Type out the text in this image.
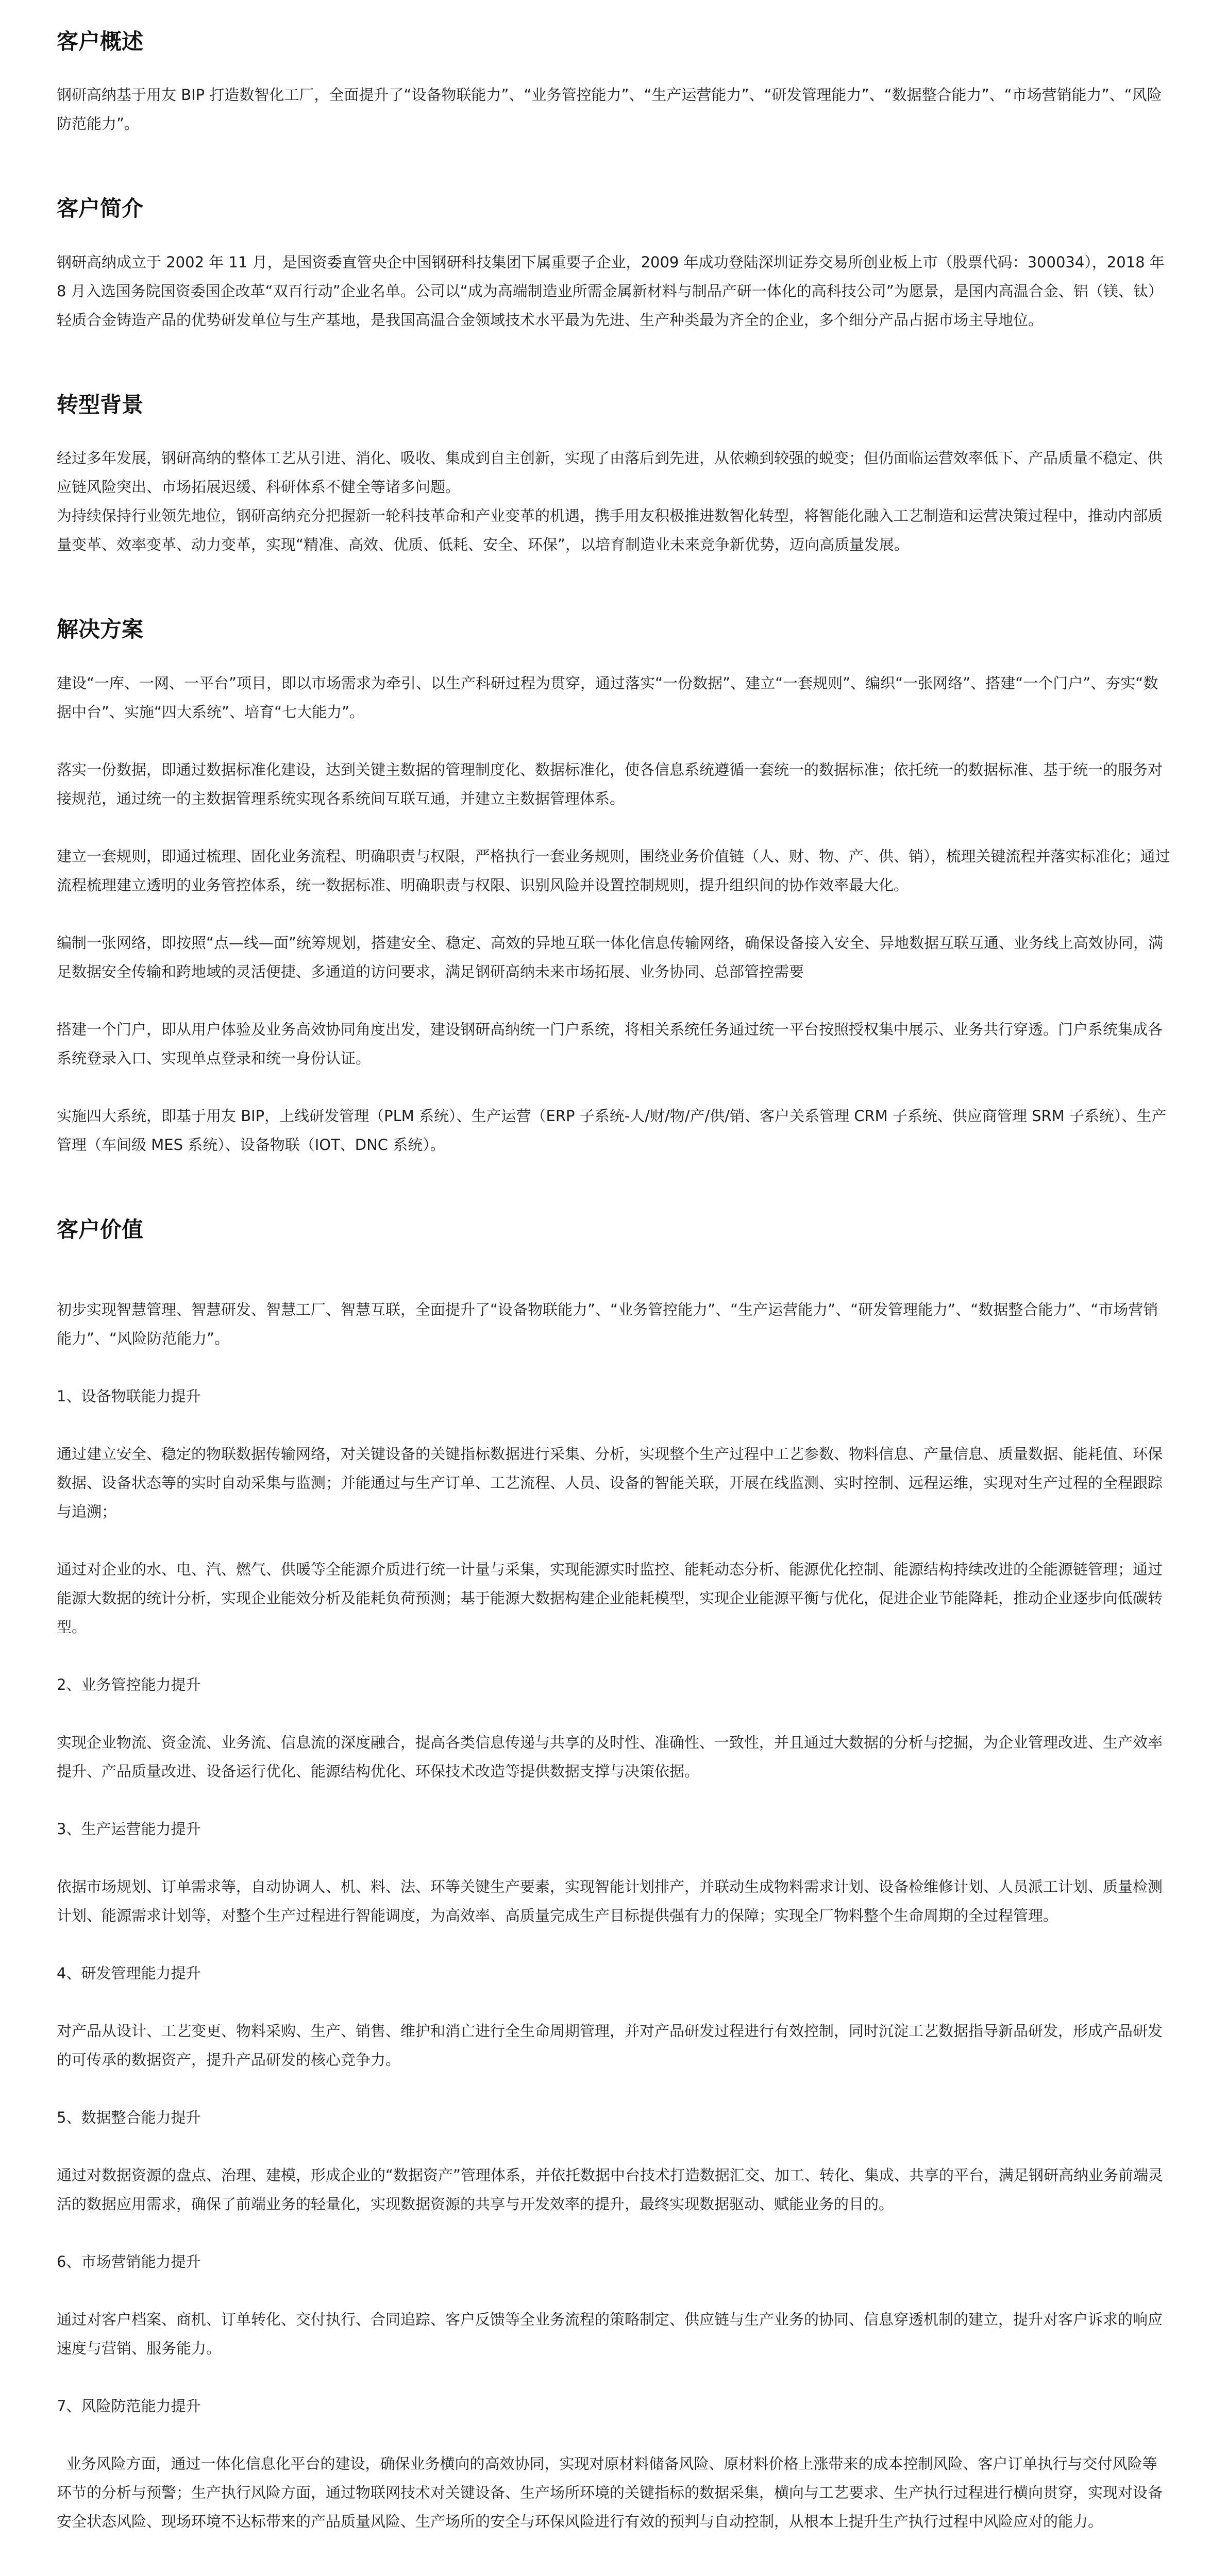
客户概述

钢研高纳基于用友 BIP 打造数智化工厂，全面提升了“设备物联能力”、“业务管控能力”、“生产运营能力”、“研发管理能力”、“数据整合能力”、“市场营销能力”、“风险防范能力”。

客户简介

钢研高纳成立于 2002 年 11 月，是国资委直管央企中国钢研科技集团下属重要子企业，2009 年成功登陆深圳证券交易所创业板上市（股票代码：300034），2018 年 8 月入选国务院国资委国企改革“双百行动”企业名单。公司以“成为高端制造业所需金属新材料与制品产研一体化的高科技公司”为愿景，是国内高温合金、铝（镁、钛）轻质合金铸造产品的优势研发单位与生产基地，是我国高温合金领域技术水平最为先进、生产种类最为齐全的企业，多个细分产品占据市场主导地位。

转型背景

经过多年发展，钢研高纳的整体工艺从引进、消化、吸收、集成到自主创新，实现了由落后到先进，从依赖到较强的蜕变；但仍面临运营效率低下、产品质量不稳定、供应链风险突出、市场拓展迟缓、科研体系不健全等诸多问题。

为持续保持行业领先地位，钢研高纳充分把握新一轮科技革命和产业变革的机遇，携手用友积极推进数智化转型，将智能化融入工艺制造和运营决策过程中，推动内部质量变革、效率变革、动力变革，实现“精准、高效、优质、低耗、安全、环保”，以培育制造业未来竞争新优势，迈向高质量发展。

解决方案

建设“一库、一网、一平台”项目，即以市场需求为牵引、以生产科研过程为贯穿，通过落实“一份数据”、建立“一套规则”、编织“一张网络”、搭建“一个门户”、夯实“数据中台”、实施“四大系统”、培育“七大能力”。

落实一份数据，即通过数据标准化建设，达到关键主数据的管理制度化、数据标准化，使各信息系统遵循一套统一的数据标准；依托统一的数据标准、基于统一的服务对接规范，通过统一的主数据管理系统实现各系统间互联互通，并建立主数据管理体系。

建立一套规则，即通过梳理、固化业务流程、明确职责与权限，严格执行一套业务规则，围绕业务价值链（人、财、物、产、供、销），梳理关键流程并落实标准化；通过流程梳理建立透明的业务管控体系，统一数据标准、明确职责与权限、识别风险并设置控制规则，提升组织间的协作效率最大化。

编制一张网络，即按照“点—线—面”统筹规划，搭建安全、稳定、高效的异地互联一体化信息传输网络，确保设备接入安全、异地数据互联互通、业务线上高效协同，满足数据安全传输和跨地域的灵活便捷、多通道的访问要求，满足钢研高纳未来市场拓展、业务协同、总部管控需要

搭建一个门户，即从用户体验及业务高效协同角度出发，建设钢研高纳统一门户系统，将相关系统任务通过统一平台按照授权集中展示、业务共行穿透。门户系统集成各系统登录入口、实现单点登录和统一身份认证。

实施四大系统，即基于用友 BIP，上线研发管理（PLM 系统）、生产运营（ERP 子系统-人/财/物/产/供/销、客户关系管理 CRM 子系统、供应商管理 SRM 子系统）、生产管理（车间级 MES 系统）、设备物联（IOT、DNC 系统）。

客户价值

初步实现智慧管理、智慧研发、智慧工厂、智慧互联，全面提升了“设备物联能力”、“业务管控能力”、“生产运营能力”、“研发管理能力”、“数据整合能力”、“市场营销能力”、“风险防范能力”。

1、设备物联能力提升

通过建立安全、稳定的物联数据传输网络，对关键设备的关键指标数据进行采集、分析，实现整个生产过程中工艺参数、物料信息、产量信息、质量数据、能耗值、环保数据、设备状态等的实时自动采集与监测；并能通过与生产订单、工艺流程、人员、设备的智能关联，开展在线监测、实时控制、远程运维，实现对生产过程的全程跟踪与追溯；

通过对企业的水、电、汽、燃气、供暖等全能源介质进行统一计量与采集，实现能源实时监控、能耗动态分析、能源优化控制、能源结构持续改进的全能源链管理；通过能源大数据的统计分析，实现企业能效分析及能耗负荷预测；基于能源大数据构建企业能耗模型，实现企业能源平衡与优化，促进企业节能降耗，推动企业逐步向低碳转型。

2、业务管控能力提升

实现企业物流、资金流、业务流、信息流的深度融合，提高各类信息传递与共享的及时性、准确性、一致性，并且通过大数据的分析与挖掘，为企业管理改进、生产效率提升、产品质量改进、设备运行优化、能源结构优化、环保技术改造等提供数据支撑与决策依据。

3、生产运营能力提升

依据市场规划、订单需求等，自动协调人、机、料、法、环等关键生产要素，实现智能计划排产，并联动生成物料需求计划、设备检维修计划、人员派工计划、质量检测计划、能源需求计划等，对整个生产过程进行智能调度，为高效率、高质量完成生产目标提供强有力的保障；实现全厂物料整个生命周期的全过程管理。

4、研发管理能力提升

对产品从设计、工艺变更、物料采购、生产、销售、维护和消亡进行全生命周期管理，并对产品研发过程进行有效控制，同时沉淀工艺数据指导新品研发，形成产品研发的可传承的数据资产，提升产品研发的核心竞争力。

5、数据整合能力提升

通过对数据资源的盘点、治理、建模，形成企业的“数据资产”管理体系，并依托数据中台技术打造数据汇交、加工、转化、集成、共享的平台，满足钢研高纳业务前端灵活的数据应用需求，确保了前端业务的轻量化，实现数据资源的共享与开发效率的提升，最终实现数据驱动、赋能业务的目的。

6、市场营销能力提升

通过对客户档案、商机、订单转化、交付执行、合同追踪、客户反馈等全业务流程的策略制定、供应链与生产业务的协同、信息穿透机制的建立，提升对客户诉求的响应速度与营销、服务能力。

7、风险防范能力提升

业务风险方面，通过一体化信息化平台的建设，确保业务横向的高效协同，实现对原材料储备风险、原材料价格上涨带来的成本控制风险、客户订单执行与交付风险等环节的分析与预警；生产执行风险方面，通过物联网技术对关键设备、生产场所环境的关键指标的数据采集，横向与工艺要求、生产执行过程进行横向贯穿，实现对设备安全状态风险、现场环境不达标带来的产品质量风险、生产场所的安全与环保风险进行有效的预判与自动控制，从根本上提升生产执行过程中风险应对的能力。
